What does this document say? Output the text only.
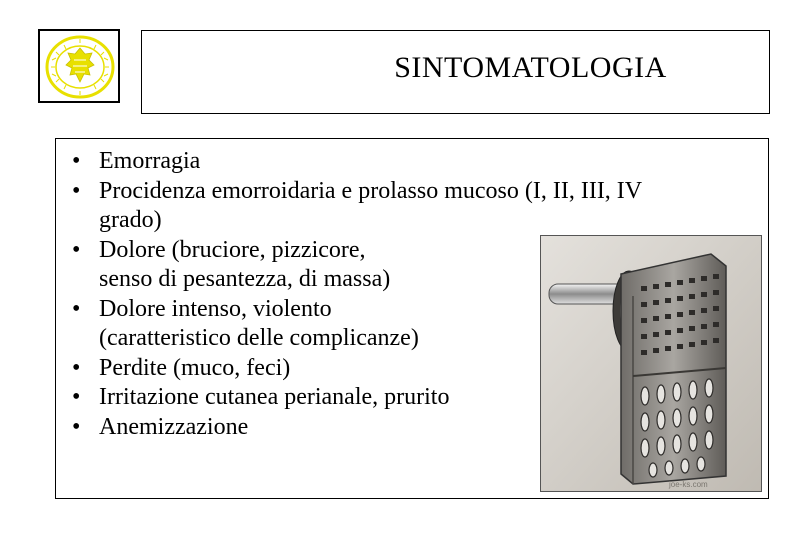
SINTOMATOLOGIA
joe-ks.com
• Emorragia
• Procidenza emorroidaria e prolasso mucoso (I, II, III, IV
grado)
• Dolore (bruciore, pizzicore,
senso di pesantezza, di massa)
• Dolore intenso, violento
(caratteristico delle complicanze)
• Perdite (muco, feci)
• Irritazione cutanea perianale, prurito
• Anemizzazione
